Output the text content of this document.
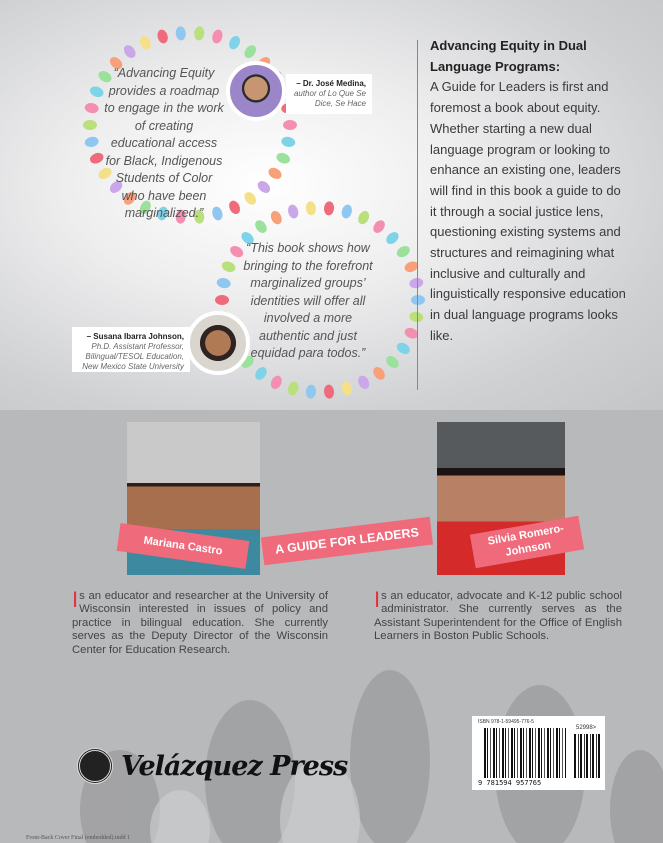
“Advancing Equity provides a roadmap to engage in the work of creating educational access for Black, Indigenous Students of Color who have been marginalized.”
– Dr. José Medina,
author of Lo Que Se Dice, Se Hace
“This book shows how bringing to the forefront marginalized groups’ identities will offer all involved a more authentic and just equidad para todos.”
– Susana Ibarra Johnson,
Ph.D. Assistant Professor,
Bilingual/TESOL Education,
New Mexico State University
Advancing Equity in Dual Language Programs:

A Guide for Leaders is first and foremost a book about equity. Whether starting a new dual language program or looking to enhance an existing one, leaders will find in this book a guide to do it through a social justice lens, questioning existing systems and structures and reimagining what inclusive and culturally and linguistically responsive education in dual language programs looks like.

Mariana Castro	A GUIDE FOR LEADERS	Silvia Romero-Johnson
Is an educator and researcher at the University of Wisconsin interested in issues of policy and practice in bilingual education. She currently serves as the Deputy Director of the Wisconsin Center for Education Research.
Is an educator, advocate and K-12 public school administrator. She currently serves as the Assistant Superintendent for the Office of English Learners in Boston Public Schools.
Velázquez Press
ISBN 978-1-59495-776-5
52998>
9 781594 957765
Front-Back Cover Final (embedded).indd 1
